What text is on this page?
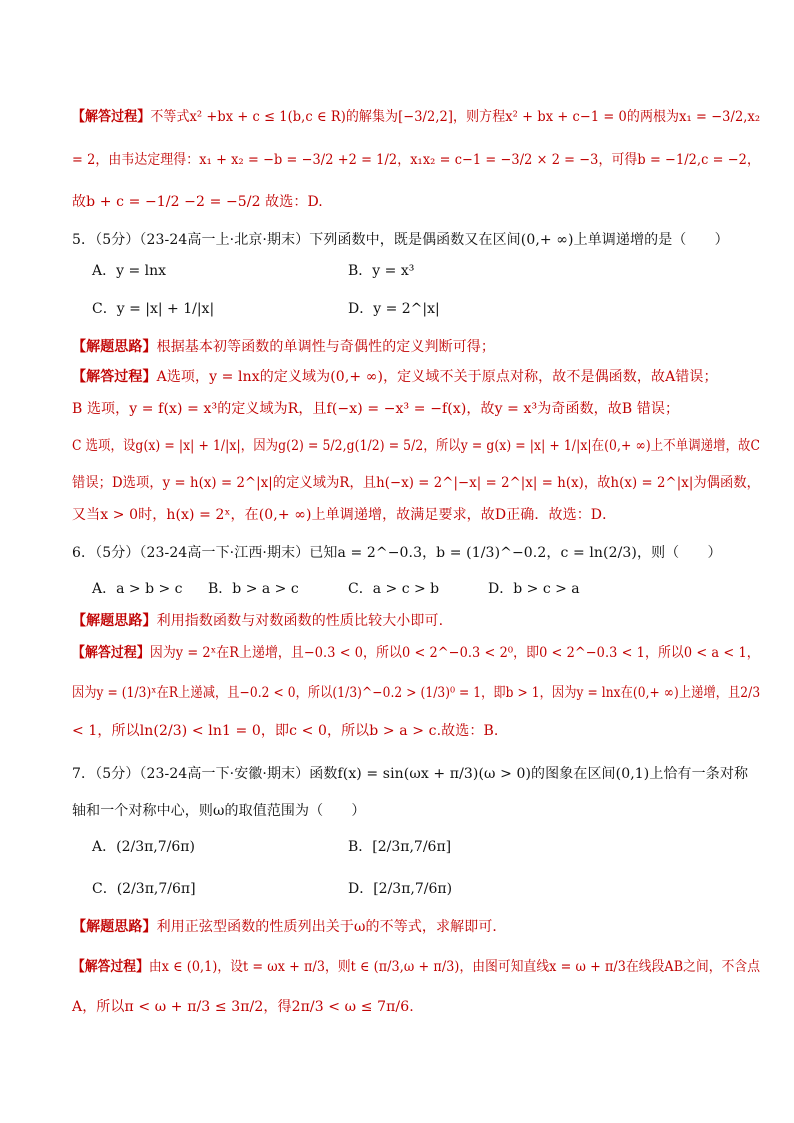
【解答过程】不等式x² +bx + c ≤ 1(b,c ∈ R)的解集为[−3/2,2]，则方程x² + bx + c−1 = 0的两根为x₁ = −3/2,x₂
= 2，由韦达定理得：x₁ + x₂ = −b = −3/2 +2 = 1/2，x₁x₂ = c−1 = −3/2 × 2 = −3，可得b = −1/2,c = −2，
故b + c = −1/2 −2 = −5/2 故选：D.
5．（5分）（23-24高一上·北京·期末）下列函数中，既是偶函数又在区间(0,+ ∞)上单调递增的是（　　）
A．y = lnx	B．y = x³
C．y = |x| + 1/|x|	D．y = 2^|x|
【解题思路】根据基本初等函数的单调性与奇偶性的定义判断可得；
【解答过程】A选项，y = lnx的定义域为(0,+ ∞)，定义域不关于原点对称，故不是偶函数，故A错误；
B 选项，y = f(x) = x³的定义域为R，且f(−x) = −x³ = −f(x)，故y = x³为奇函数，故B 错误；
C 选项，设g(x) = |x| + 1/|x|，因为g(2) = 5/2,g(1/2) = 5/2，所以y = g(x) = |x| + 1/|x|在(0,+ ∞)上不单调递增，故C
错误；D选项，y = h(x) = 2^|x|的定义域为R，且h(−x) = 2^|−x| = 2^|x| = h(x)，故h(x) = 2^|x|为偶函数，
又当x > 0时，h(x) = 2ˣ，在(0,+ ∞)上单调递增，故满足要求，故D正确．故选：D．
6．（5分）（23-24高一下·江西·期末）已知a = 2^−0.3，b = (1/3)^−0.2，c = ln(2/3)，则（　　）
A．a > b > c B．b > a > c	C．a > c > b	D．b > c > a
【解题思路】利用指数函数与对数函数的性质比较大小即可.
【解答过程】因为y = 2ˣ在R上递增，且−0.3 < 0，所以0 < 2^−0.3 < 2⁰，即0 < 2^−0.3 < 1，所以0 < a < 1，
因为y = (1/3)ˣ在R上递减，且−0.2 < 0，所以(1/3)^−0.2 > (1/3)⁰ = 1，即b > 1，因为y = lnx在(0,+ ∞)上递增，且2/3
< 1，所以ln(2/3) < ln1 = 0，即c < 0，所以b > a > c.故选：B.
7．（5分）（23-24高一下·安徽·期末）函数f(x) = sin(ωx + π/3)(ω > 0)的图象在区间(0,1)上恰有一条对称
轴和一个对称中心，则ω的取值范围为（　　）
A．(2/3π,7/6π)	B．[2/3π,7/6π]
C．(2/3π,7/6π]	D．[2/3π,7/6π)
【解题思路】利用正弦型函数的性质列出关于ω的不等式，求解即可．
【解答过程】由x ∈ (0,1)，设t = ωx + π/3，则t ∈ (π/3,ω + π/3)，由图可知直线x = ω + π/3在线段AB之间，不含点
A，所以π < ω + π/3 ≤ 3π/2，得2π/3 < ω ≤ 7π/6.
